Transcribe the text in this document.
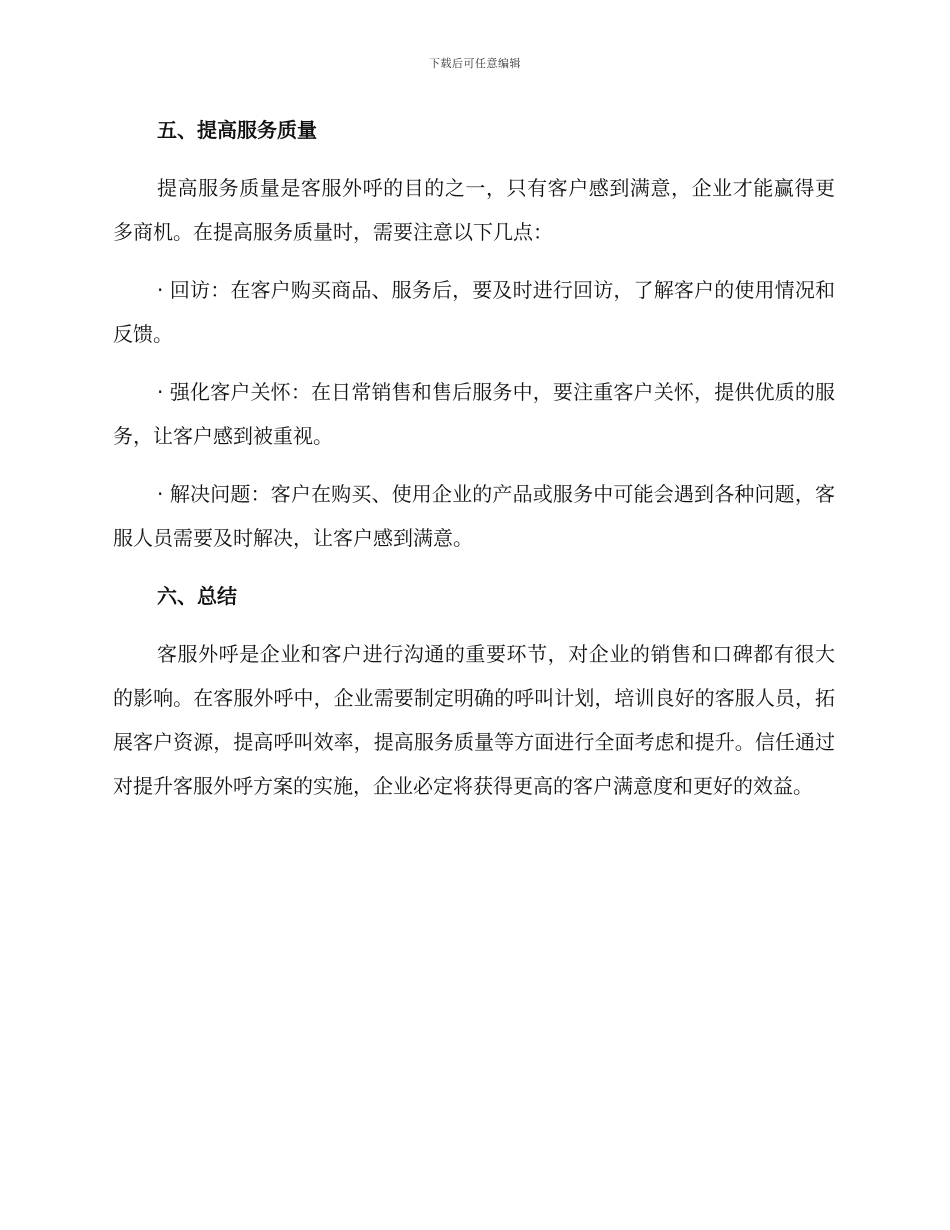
下载后可任意编辑
五、提高服务质量

提高服务质量是客服外呼的目的之一，只有客户感到满意，企业才能赢得更多商机。在提高服务质量时，需要注意以下几点：

· 回访：在客户购买商品、服务后，要及时进行回访，了解客户的使用情况和反馈。

· 强化客户关怀：在日常销售和售后服务中，要注重客户关怀，提供优质的服务，让客户感到被重视。

· 解决问题：客户在购买、使用企业的产品或服务中可能会遇到各种问题，客服人员需要及时解决，让客户感到满意。

六、总结

客服外呼是企业和客户进行沟通的重要环节，对企业的销售和口碑都有很大的影响。在客服外呼中，企业需要制定明确的呼叫计划，培训良好的客服人员，拓展客户资源，提高呼叫效率，提高服务质量等方面进行全面考虑和提升。信任通过对提升客服外呼方案的实施，企业必定将获得更高的客户满意度和更好的效益。
